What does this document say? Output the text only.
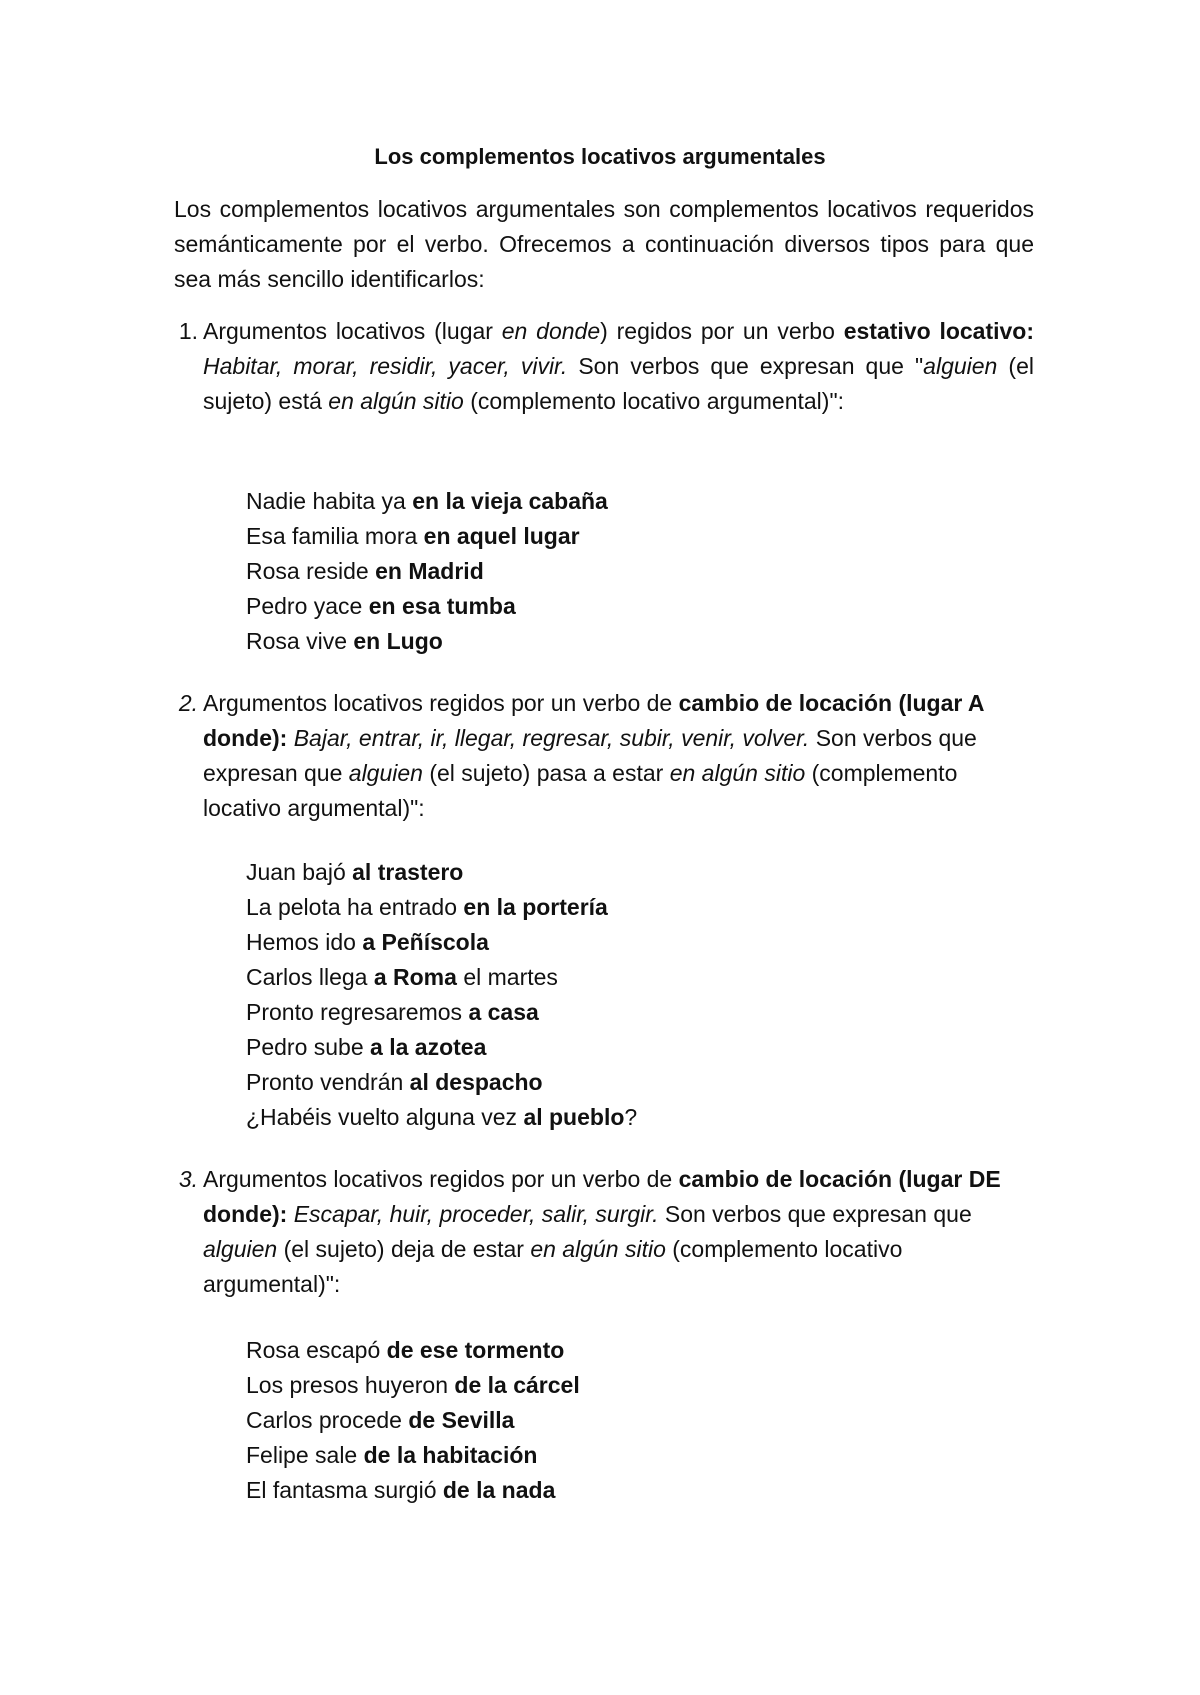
Los complementos locativos argumentales

Los complementos locativos argumentales son complementos locativos requeridos semánticamente por el verbo. Ofrecemos a continuación diversos tipos para que sea más sencillo identificarlos:

1. Argumentos locativos (lugar en donde) regidos por un verbo estativo locativo: Habitar, morar, residir, yacer, vivir. Son verbos que expresan que "alguien (el sujeto) está en algún sitio (complemento locativo argumental)":
Nadie habita ya en la vieja cabaña
Esa familia mora en aquel lugar
Rosa reside en Madrid
Pedro yace en esa tumba
Rosa vive en Lugo
2. Argumentos locativos regidos por un verbo de cambio de locación (lugar A donde): Bajar, entrar, ir, llegar, regresar, subir, venir, volver. Son verbos que expresan que alguien (el sujeto) pasa a estar en algún sitio (complemento locativo argumental)":
Juan bajó al trastero
La pelota ha entrado en la portería
Hemos ido a Peñíscola
Carlos llega a Roma el martes
Pronto regresaremos a casa
Pedro sube a la azotea
Pronto vendrán al despacho
¿Habéis vuelto alguna vez al pueblo?
3. Argumentos locativos regidos por un verbo de cambio de locación (lugar DE donde): Escapar, huir, proceder, salir, surgir. Son verbos que expresan que alguien (el sujeto) deja de estar en algún sitio (complemento locativo argumental)":
Rosa escapó de ese tormento
Los presos huyeron de la cárcel
Carlos procede de Sevilla
Felipe sale de la habitación
El fantasma surgió de la nada
